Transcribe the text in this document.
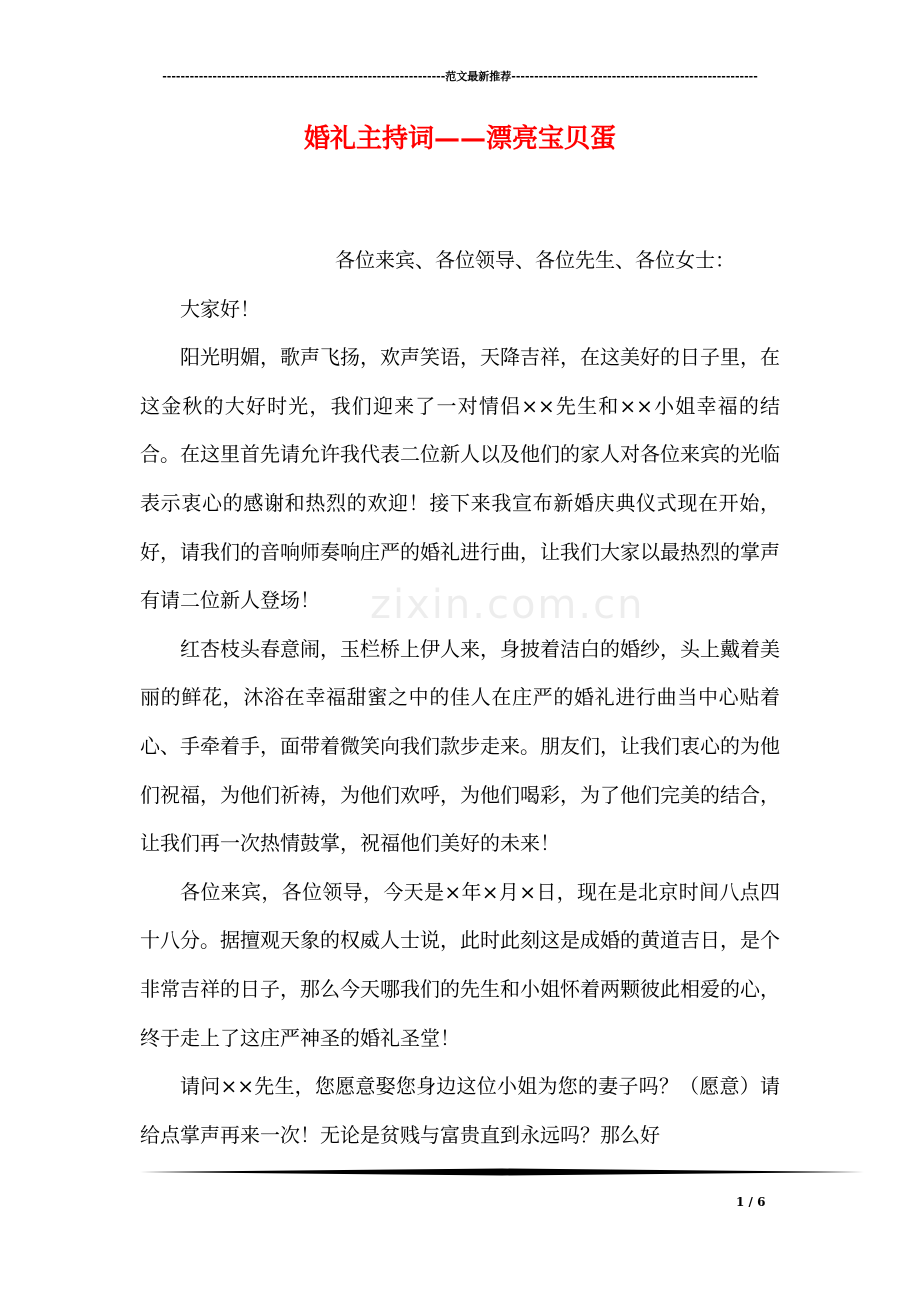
--------------------------------------------------------------范文最新推荐------------------------------------------------------
婚礼主持词——漂亮宝贝蛋
zixin.com.cn

各位来宾、各位领导、各位先生、各位女士：

大家好！

阳光明媚，歌声飞扬，欢声笑语，天降吉祥，在这美好的日子里，在这金秋的大好时光，我们迎来了一对情侣××先生和××小姐幸福的结合。在这里首先请允许我代表二位新人以及他们的家人对各位来宾的光临表示衷心的感谢和热烈的欢迎！接下来我宣布新婚庆典仪式现在开始，好，请我们的音响师奏响庄严的婚礼进行曲，让我们大家以最热烈的掌声有请二位新人登场！

红杏枝头春意闹，玉栏桥上伊人来，身披着洁白的婚纱，头上戴着美丽的鲜花，沐浴在幸福甜蜜之中的佳人在庄严的婚礼进行曲当中心贴着心、手牵着手，面带着微笑向我们款步走来。朋友们，让我们衷心的为他们祝福，为他们祈祷，为他们欢呼，为他们喝彩，为了他们完美的结合，让我们再一次热情鼓掌，祝福他们美好的未来！

各位来宾，各位领导，今天是×年×月×日，现在是北京时间八点四十八分。据擅观天象的权威人士说，此时此刻这是成婚的黄道吉日，是个非常吉祥的日子，那么今天哪我们的先生和小姐怀着两颗彼此相爱的心，终于走上了这庄严神圣的婚礼圣堂！

请问××先生，您愿意娶您身边这位小姐为您的妻子吗？（愿意）请给点掌声再来一次！无论是贫贱与富贵直到永远吗？那么好

1 / 6
